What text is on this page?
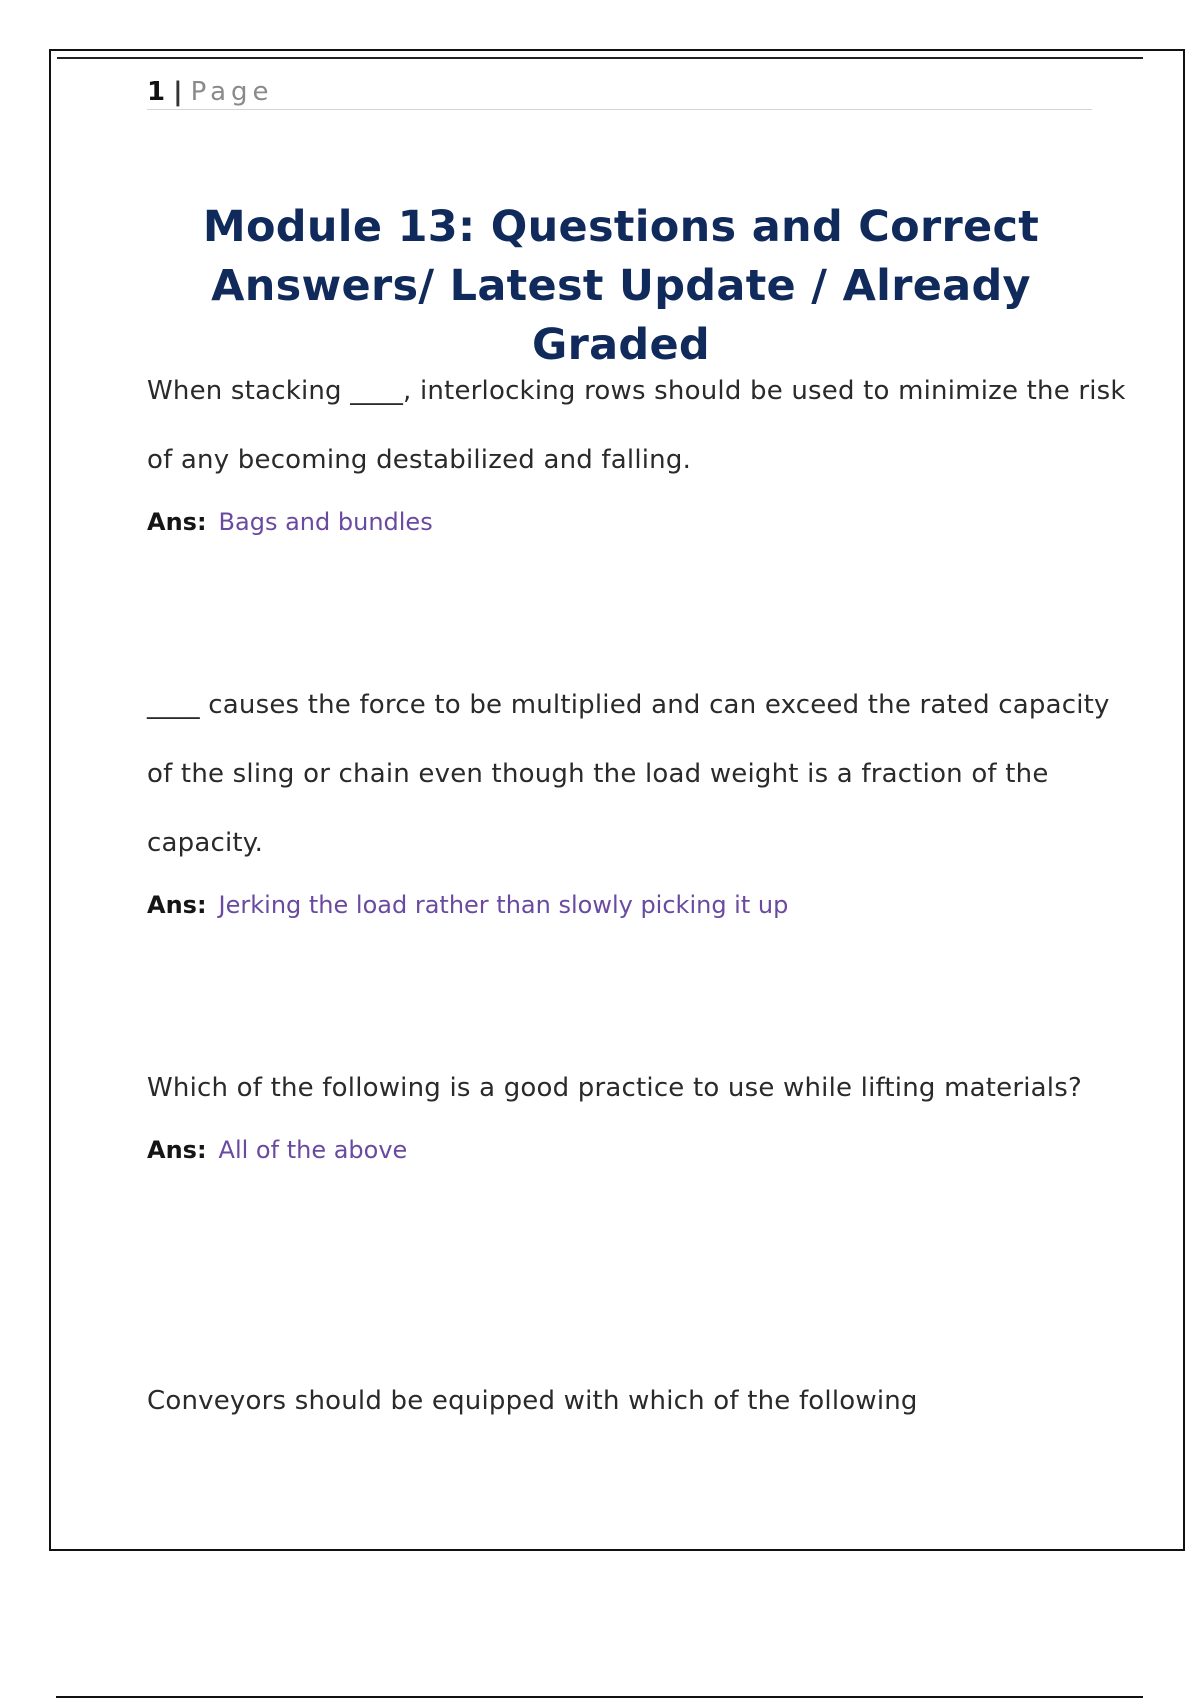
1 | Page
Module 13: Questions and Correct Answers/ Latest Update / Already Graded

When stacking ____, interlocking rows should be used to minimize the risk of any becoming destabilized and falling.

Ans: Bags and bundles

____ causes the force to be multiplied and can exceed the rated capacity of the sling or chain even though the load weight is a fraction of the capacity.

Ans: Jerking the load rather than slowly picking it up

Which of the following is a good practice to use while lifting materials?

Ans: All of the above

Conveyors should be equipped with which of the following
